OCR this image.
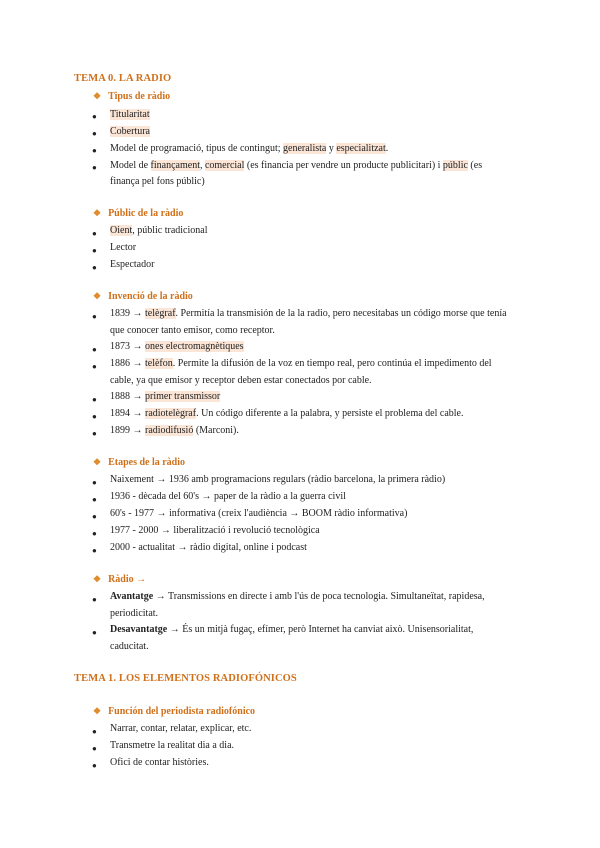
TEMA 0. LA RADIO
❖ Tipus de ràdio
● Titularitat
● Cobertura
● Model de programació, tipus de contingut; generalista y especialitzat.
● Model de finançament, comercial (es financia per vendre un producte publicitari) i públic (es
finança pel fons públic)
❖ Públic de la ràdio
● Oient, públic tradicional
● Lector
● Espectador
❖ Invenció de la ràdio
● 1839 → telègraf. Permitía la transmisión de la la radio, pero necesitabas un código morse que tenía
que conocer tanto emisor, como receptor.
● 1873 → ones electromagnètiques
● 1886 → telèfon. Permite la difusión de la voz en tiempo real, pero continúa el impedimento del
cable, ya que emisor y receptor deben estar conectados por cable.
● 1888 → primer transmissor
● 1894 → radiotelègraf. Un código diferente a la palabra, y persiste el problema del cable.
● 1899 → radiodifusió (Marconi).
❖ Etapes de la ràdio
● Naixement → 1936 amb programacions regulars (ràdio barcelona, la primera ràdio)
● 1936 - dècada del 60's → paper de la ràdio a la guerra civil
● 60's - 1977 → informativa (creix l'audiència → BOOM ràdio informativa)
● 1977 - 2000 → liberalització i revolució tecnològica
● 2000 - actualitat → ràdio digital, online i podcast
❖ Ràdio →
● Avantatge → Transmissions en directe i amb l'ús de poca tecnologia. Simultaneïtat, rapidesa,
periodicitat.
● Desavantatge → És un mitjà fugaç, efímer, però Internet ha canviat això. Unisensorialitat,
caducitat.
TEMA 1. LOS ELEMENTOS RADIOFÓNICOS
❖ Función del periodista radiofónico
● Narrar, contar, relatar, explicar, etc.
● Transmetre la realitat dia a dia.
● Ofici de contar històries.
